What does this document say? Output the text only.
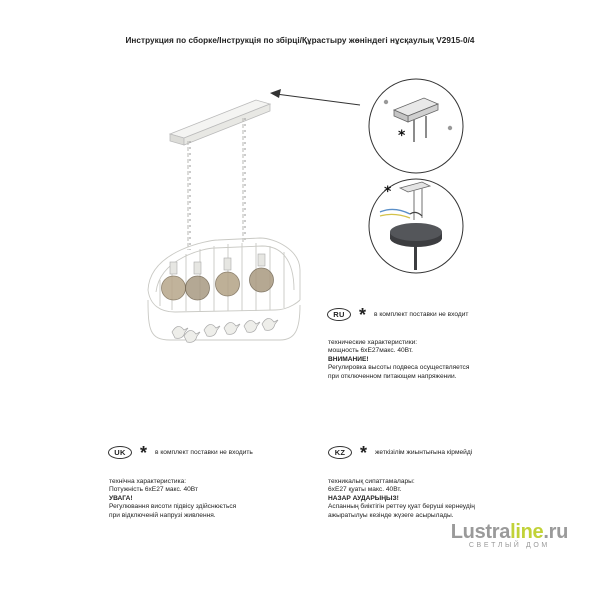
Инструкция по сборке/Інструкція по збірці/Құрастыру жөніндегі нұсқаулық V2915-0/4
*
*
RU * в комплект поставки не входит
технические характеристики:
мощность 6хЕ27макс. 40Вт.
ВНИМАНИЕ!
Регулировка высоты подвеса осуществляется
при отключенном питающем напряжении.
UK * в комплект поставки не входить
технічна характеристика:
Потужність 6хЕ27 макс. 40Вт
УВАГА!
Регулювання висоти підвісу здійснюється
при відключеній напрузі живлення.
KZ * жеткізілім жиынтығына кірмейді
техникалық сипаттамалары:
6хЕ27 қуаты макс. 40Вт.
НАЗАР АУДАРЫҢЫЗ!
Аспанның биіктігін реттеу қуат беруші кернеудің
ажыратылуы кезінде жүзеге асырылады.
Lustraline.ru
СВЕТЛЫЙ ДОМ
